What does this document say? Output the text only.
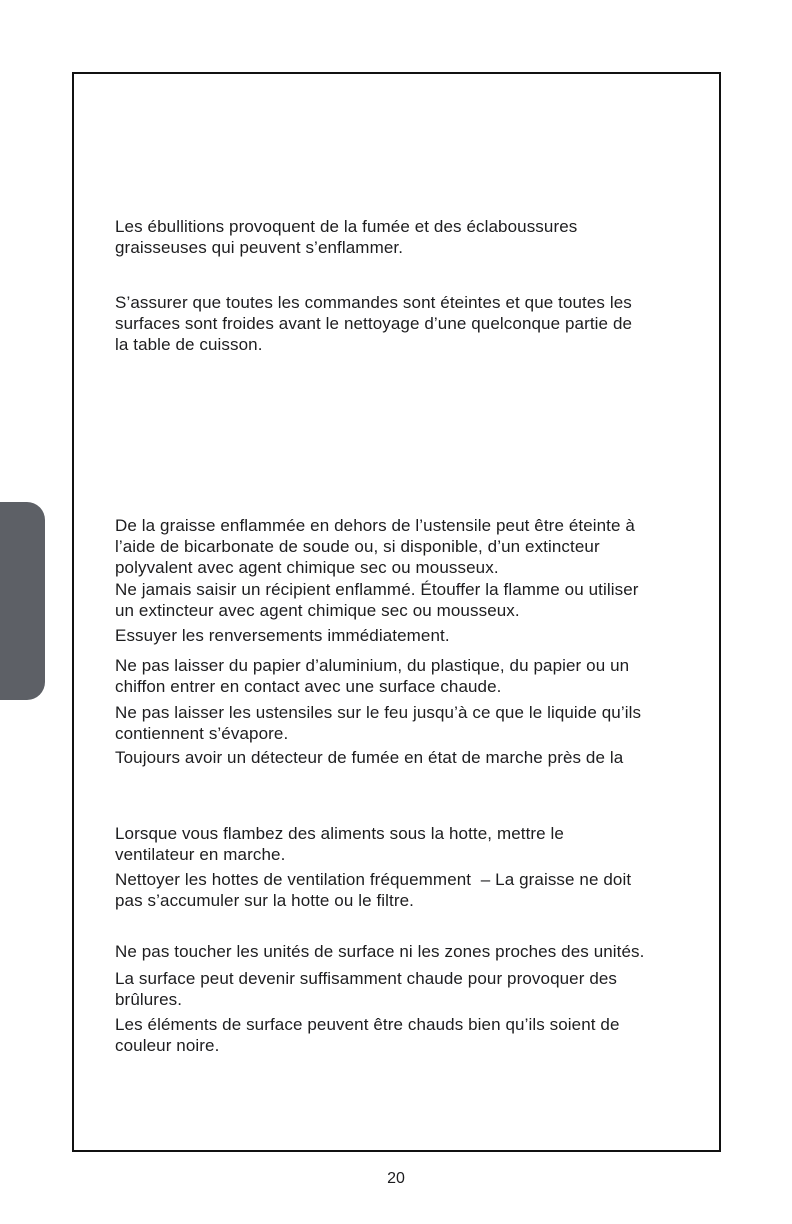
Les ébullitions provoquent de la fumée et des éclaboussures
graisseuses qui peuvent s’enflammer.

S’assurer que toutes les commandes sont éteintes et que toutes les
surfaces sont froides avant le nettoyage d’une quelconque partie de
la table de cuisson.

De la graisse enflammée en dehors de l’ustensile peut être éteinte à
l’aide de bicarbonate de soude ou, si disponible, d’un extincteur
polyvalent avec agent chimique sec ou mousseux.

Ne jamais saisir un récipient enflammé. Étouffer la flamme ou utiliser
un extincteur avec agent chimique sec ou mousseux.

Essuyer les renversements immédiatement.

Ne pas laisser du papier d’aluminium, du plastique, du papier ou un
chiffon entrer en contact avec une surface chaude.

Ne pas laisser les ustensiles sur le feu jusqu’à ce que le liquide qu’ils
contiennent s’évapore.

Toujours avoir un détecteur de fumée en état de marche près de la

Lorsque vous flambez des aliments sous la hotte, mettre le
ventilateur en marche.

Nettoyer les hottes de ventilation fréquemment  – La graisse ne doit
pas s’accumuler sur la hotte ou le filtre.

Ne pas toucher les unités de surface ni les zones proches des unités.

La surface peut devenir suffisamment chaude pour provoquer des
brûlures.

Les éléments de surface peuvent être chauds bien qu’ils soient de
couleur noire.

20
